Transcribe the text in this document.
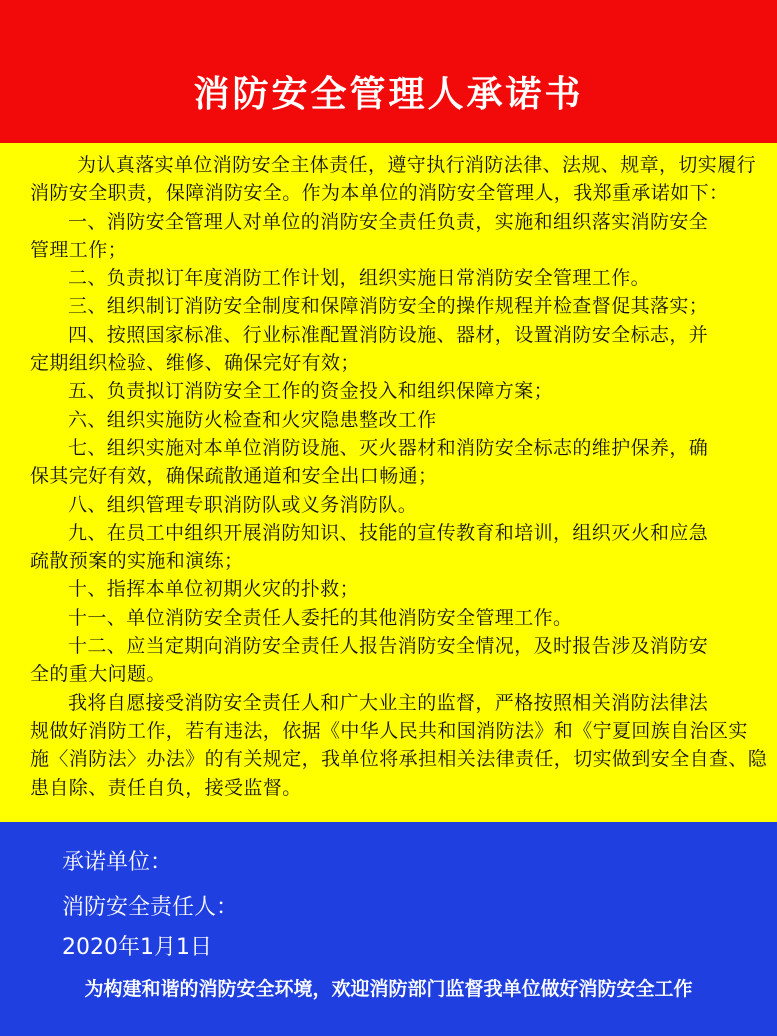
消防安全管理人承诺书
为认真落实单位消防安全主体责任，遵守执行消防法律、法规、规章，切实履行
消防安全职责，保障消防安全。作为本单位的消防安全管理人，我郑重承诺如下：
一、消防安全管理人对单位的消防安全责任负责，实施和组织落实消防安全
管理工作；
二、负责拟订年度消防工作计划，组织实施日常消防安全管理工作。
三、组织制订消防安全制度和保障消防安全的操作规程并检查督促其落实；
四、按照国家标准、行业标准配置消防设施、器材，设置消防安全标志，并
定期组织检验、维修、确保完好有效；
五、负责拟订消防安全工作的资金投入和组织保障方案；
六、组织实施防火检查和火灾隐患整改工作
七、组织实施对本单位消防设施、灭火器材和消防安全标志的维护保养，确
保其完好有效，确保疏散通道和安全出口畅通；
八、组织管理专职消防队或义务消防队。
九、在员工中组织开展消防知识、技能的宣传教育和培训，组织灭火和应急
疏散预案的实施和演练；
十、指挥本单位初期火灾的扑救；
十一、单位消防安全责任人委托的其他消防安全管理工作。
十二、应当定期向消防安全责任人报告消防安全情况，及时报告涉及消防安
全的重大问题。
我将自愿接受消防安全责任人和广大业主的监督，严格按照相关消防法律法
规做好消防工作，若有违法，依据《中华人民共和国消防法》和《宁夏回族自治区实
施〈消防法〉办法》的有关规定，我单位将承担相关法律责任，切实做到安全自查、隐
患自除、责任自负，接受监督。
承诺单位：
消防安全责任人：
2020年1月1日
为构建和谐的消防安全环境，欢迎消防部门监督我单位做好消防安全工作
